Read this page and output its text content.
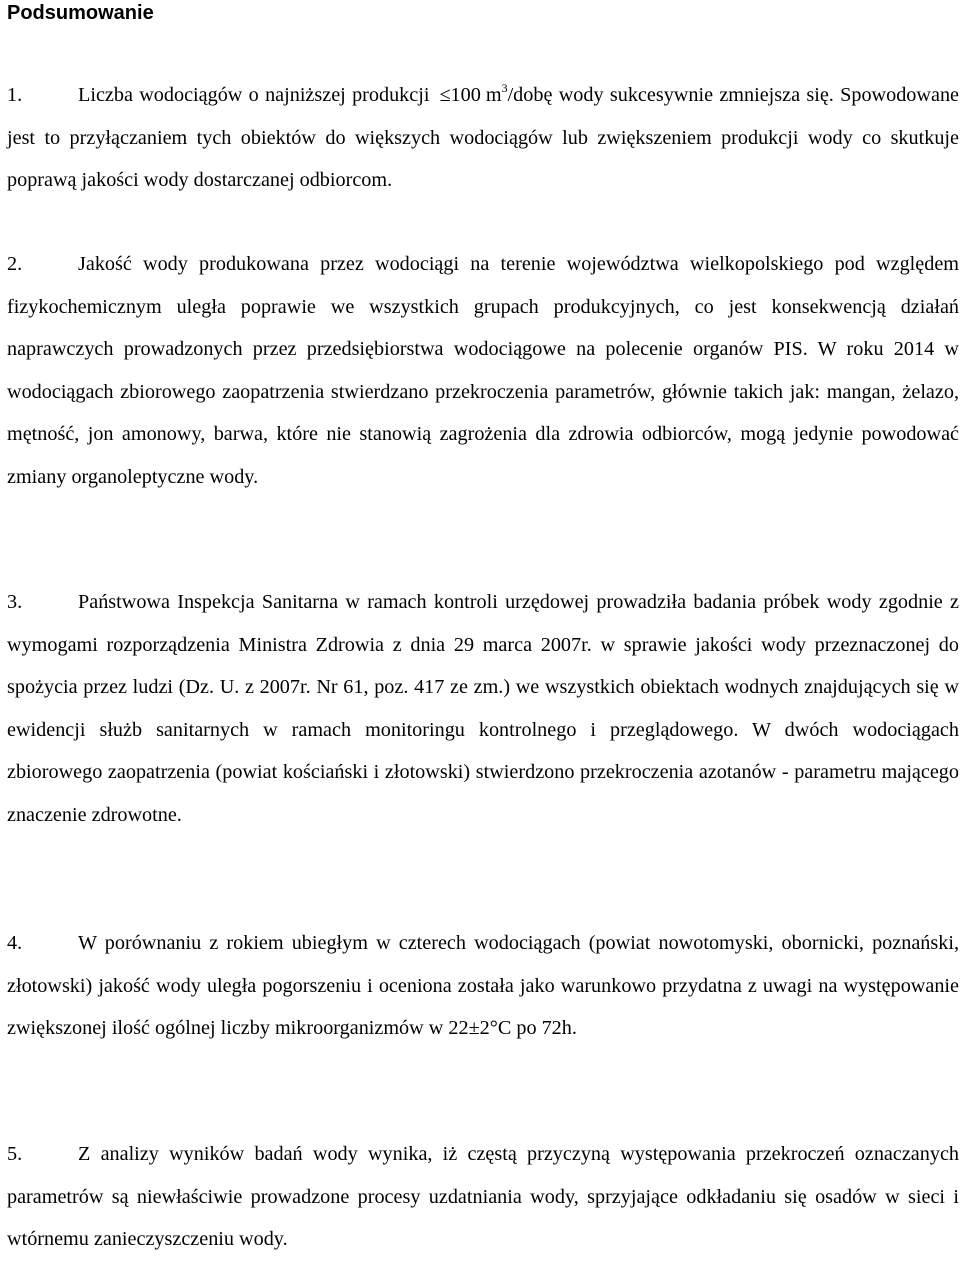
Podsumowanie

1.	Liczba wodociągów o najniższej produkcji ≤100 $m^3$/dobę wody sukcesywnie zmniejsza się. Spowodowane jest to przyłączaniem tych obiektów do większych wodociągów lub zwiększeniem produkcji wody co skutkuje poprawą jakości wody dostarczanej odbiorcom.

2.	Jakość wody produkowana przez wodociągi na terenie województwa wielkopolskiego pod względem fizykochemicznym uległa poprawie we wszystkich grupach produkcyjnych, co jest konsekwencją działań naprawczych prowadzonych przez przedsiębiorstwa wodociągowe na polecenie organów PIS. W roku 2014 w wodociągach zbiorowego zaopatrzenia stwierdzano przekroczenia parametrów, głównie takich jak: mangan, żelazo, mętność, jon amonowy, barwa, które nie stanowią zagrożenia dla zdrowia odbiorców, mogą jedynie powodować zmiany organoleptyczne wody.

3.	Państwowa Inspekcja Sanitarna w ramach kontroli urzędowej prowadziła badania próbek wody zgodnie z wymogami rozporządzenia Ministra Zdrowia z dnia 29 marca 2007r. w sprawie jakości wody przeznaczonej do spożycia przez ludzi (Dz. U. z 2007r. Nr 61, poz. 417 ze zm.) we wszystkich obiektach wodnych znajdujących się w ewidencji służb sanitarnych w ramach monitoringu kontrolnego i przeglądowego. W dwóch wodociągach zbiorowego zaopatrzenia (powiat kościański i złotowski) stwierdzono przekroczenia azotanów - parametru mającego znaczenie zdrowotne.

4.	W porównaniu z rokiem ubiegłym w czterech wodociągach (powiat nowotomyski, obornicki, poznański, złotowski) jakość wody uległa pogorszeniu i oceniona została jako warunkowo przydatna z uwagi na występowanie zwiększonej ilość ogólnej liczby mikroorganizmów w 22±2°C po 72h.

5.	Z analizy wyników badań wody wynika, iż częstą przyczyną występowania przekroczeń oznaczanych parametrów są niewłaściwie prowadzone procesy uzdatniania wody, sprzyjające odkładaniu się osadów w sieci i wtórnemu zanieczyszczeniu wody.
